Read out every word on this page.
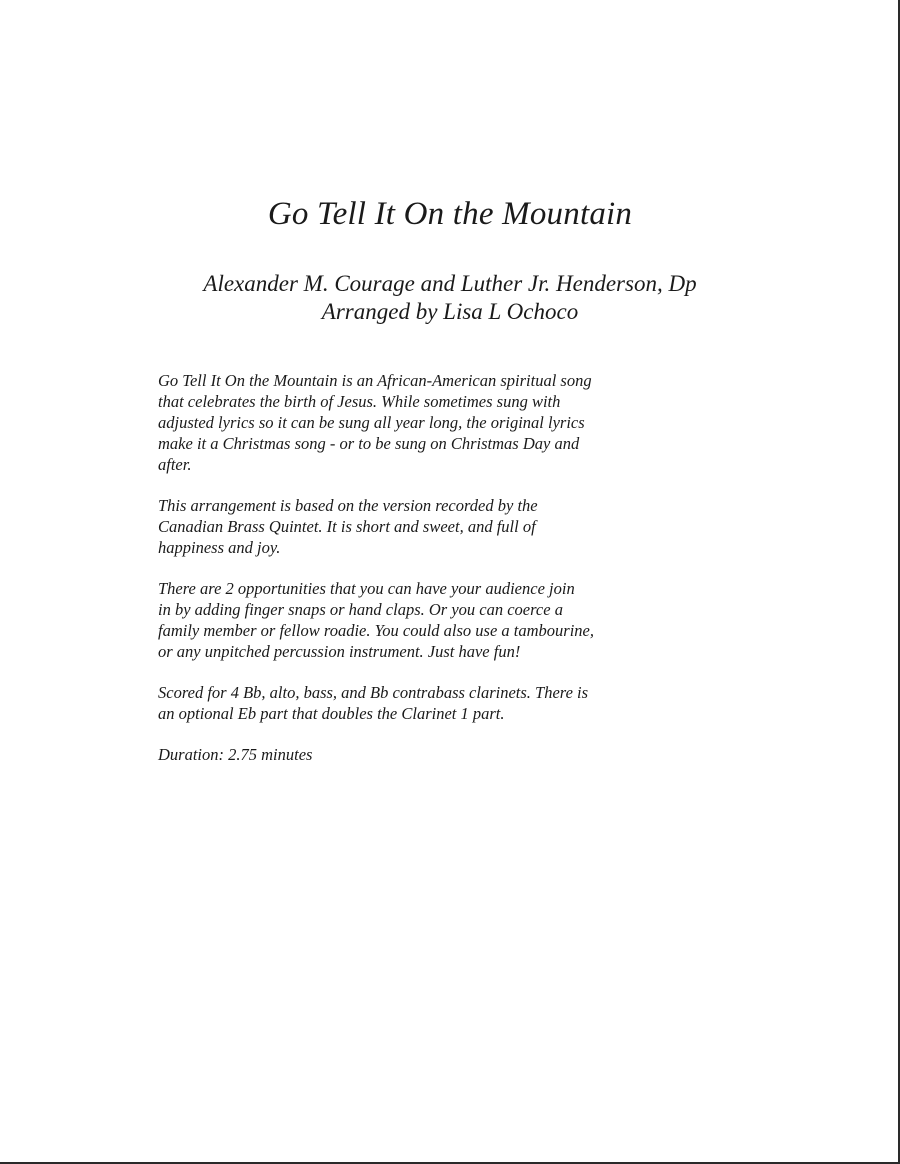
Go Tell It On the Mountain
Alexander M. Courage and Luther Jr. Henderson, Dp
Arranged by Lisa L Ochoco

Go Tell It On the Mountain is an African-American spiritual song
that celebrates the birth of Jesus. While sometimes sung with
adjusted lyrics so it can be sung all year long, the original lyrics
make it a Christmas song - or to be sung on Christmas Day and
after.

This arrangement is based on the version recorded by the
Canadian Brass Quintet. It is short and sweet, and full of
happiness and joy.

There are 2 opportunities that you can have your audience join
in by adding finger snaps or hand claps. Or you can coerce a
family member or fellow roadie. You could also use a tambourine,
or any unpitched percussion instrument. Just have fun!

Scored for 4 Bb, alto, bass, and Bb contrabass clarinets. There is
an optional Eb part that doubles the Clarinet 1 part.

Duration: 2.75 minutes
